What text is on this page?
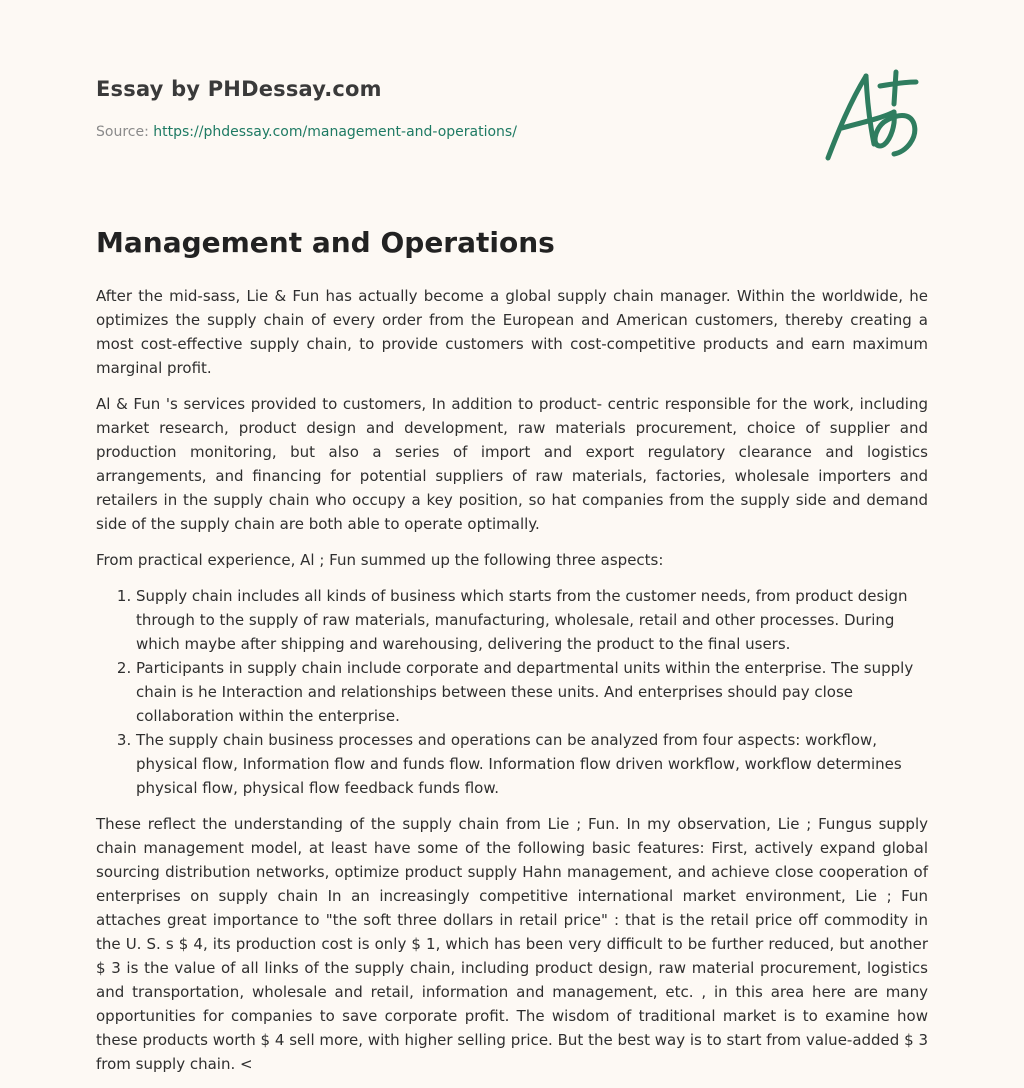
Essay by PHDessay.com
Source: https://phdessay.com/management-and-operations/
Management and Operations

After the mid-sass, Lie & Fun has actually become a global supply chain manager. Within the worldwide, he optimizes the supply chain of every order from the European and American customers, thereby creating a most cost-effective supply chain, to provide customers with cost-competitive products and earn maximum marginal profit.

Al & Fun 's services provided to customers, In addition to product- centric responsible for the work, including market research, product design and development, raw materials procurement, choice of supplier and production monitoring, but also a series of import and export regulatory clearance and logistics arrangements, and financing for potential suppliers of raw materials, factories, wholesale importers and retailers in the supply chain who occupy a key position, so hat companies from the supply side and demand side of the supply chain are both able to operate optimally.

From practical experience, Al ; Fun summed up the following three aspects:

1. Supply chain includes all kinds of business which starts from the customer needs, from product design through to the supply of raw materials, manufacturing, wholesale, retail and other processes. During which maybe after shipping and warehousing, delivering the product to the final users.
2. Participants in supply chain include corporate and departmental units within the enterprise. The supply chain is he Interaction and relationships between these units. And enterprises should pay close collaboration within the enterprise.
3. The supply chain business processes and operations can be analyzed from four aspects: workflow, physical flow, Information flow and funds flow. Information flow driven workflow, workflow determines physical flow, physical flow feedback funds flow.

These reflect the understanding of the supply chain from Lie ; Fun. In my observation, Lie ; Fungus supply chain management model, at least have some of the following basic features: First, actively expand global sourcing distribution networks, optimize product supply Hahn management, and achieve close cooperation of enterprises on supply chain In an increasingly competitive international market environment, Lie ; Fun attaches great importance to "the soft three dollars in retail price" : that is the retail price off commodity in the U. S. s $ 4, its production cost is only $ 1, which has been very difficult to be further reduced, but another $ 3 is the value of all links of the supply chain, including product design, raw material procurement, logistics and transportation, wholesale and retail, information and management, etc. , in this area here are many opportunities for companies to save corporate profit. The wisdom of traditional market is to examine how these products worth $ 4 sell more, with higher selling price. But the best way is to start from value-added $ 3 from supply chain. <
